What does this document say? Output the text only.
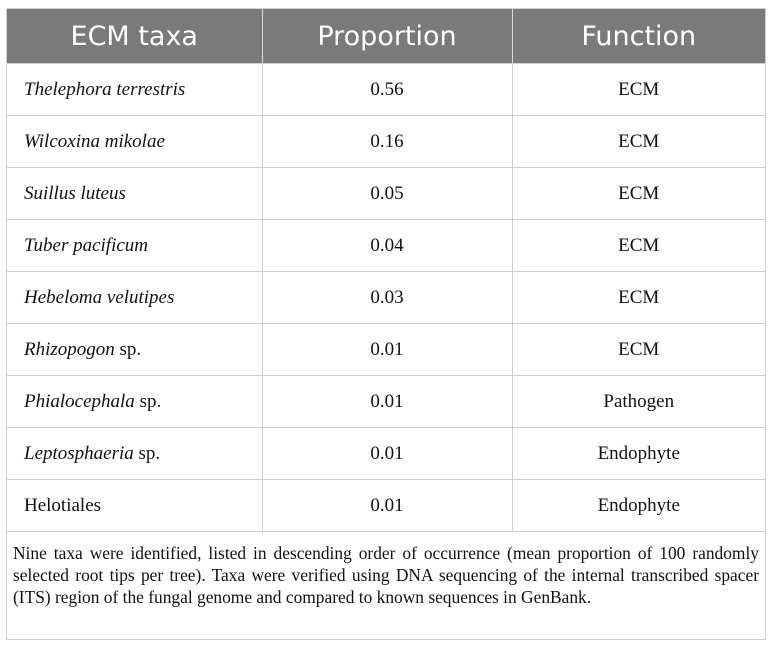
ECM taxa	Proportion	Function
Thelephora terrestris	0.56	ECM
Wilcoxina mikolae	0.16	ECM
Suillus luteus	0.05	ECM
Tuber pacificum	0.04	ECM
Hebeloma velutipes	0.03	ECM
Rhizopogon sp.	0.01	ECM
Phialocephala sp.	0.01	Pathogen
Leptosphaeria sp.	0.01	Endophyte
Helotiales	0.01	Endophyte
Nine taxa were identified, listed in descending order of occurrence (mean proportion of 100 randomly selected root tips per tree). Taxa were verified using DNA sequencing of the internal transcribed spacer (ITS) region of the fungal genome and compared to known sequences in GenBank.
